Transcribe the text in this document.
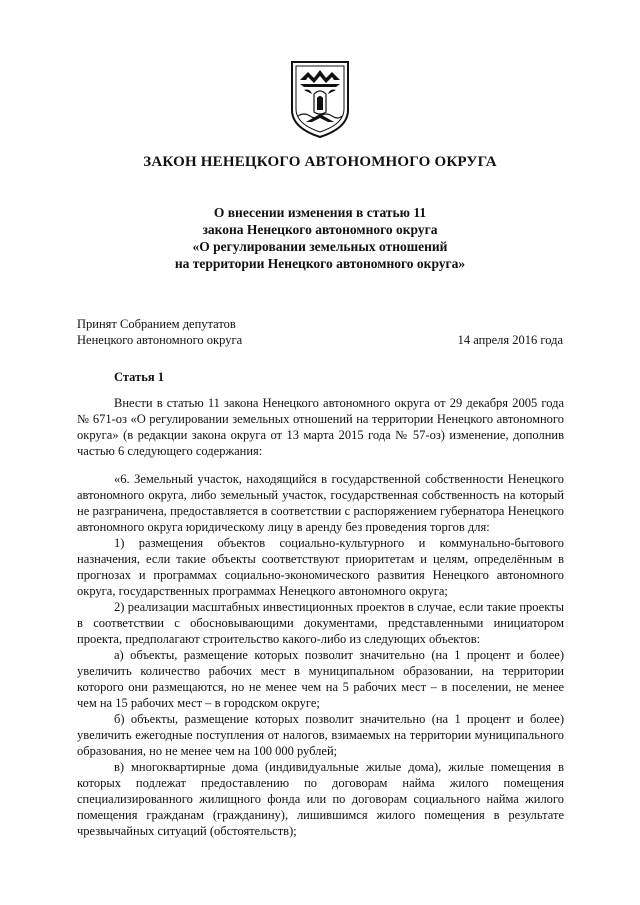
ЗАКОН НЕНЕЦКОГО АВТОНОМНОГО ОКРУГА
О внесении изменения в статью 11
закона Ненецкого автономного округа
«О регулировании земельных отношений
на территории Ненецкого автономного округа»
Принят Собранием депутатов
Ненецкого автономного округа	14 апреля 2016 года
Статья 1

Внести в статью 11 закона Ненецкого автономного округа от 29 декабря 2005 года № 671-оз «О регулировании земельных отношений на территории Ненецкого автономного округа» (в редакции закона округа от 13 марта 2015 года № 57-оз) изменение, дополнив частью 6 следующего содержания:

«6. Земельный участок, находящийся в государственной собственности Ненецкого автономного округа, либо земельный участок, государственная собственность на который не разграничена, предоставляется в соответствии с распоряжением губернатора Ненецкого автономного округа юридическому лицу в аренду без проведения торгов для:

1) размещения объектов социально-культурного и коммунально-бытового назначения, если такие объекты соответствуют приоритетам и целям, определённым в прогнозах и программах социально-экономического развития Ненецкого автономного округа, государственных программах Ненецкого автономного округа;

2) реализации масштабных инвестиционных проектов в случае, если такие проекты в соответствии с обосновывающими документами, представленными инициатором проекта, предполагают строительство какого-либо из следующих объектов:

а) объекты, размещение которых позволит значительно (на 1 процент и более) увеличить количество рабочих мест в муниципальном образовании, на территории которого они размещаются, но не менее чем на 5 рабочих мест – в поселении, не менее чем на 15 рабочих мест – в городском округе;

б) объекты, размещение которых позволит значительно (на 1 процент и более) увеличить ежегодные поступления от налогов, взимаемых на территории муниципального образования, но не менее чем на 100 000 рублей;

в) многоквартирные дома (индивидуальные жилые дома), жилые помещения в которых подлежат предоставлению по договорам найма жилого помещения специализированного жилищного фонда или по договорам социального найма жилого помещения гражданам (гражданину), лишившимся жилого помещения в результате чрезвычайных ситуаций (обстоятельств);
